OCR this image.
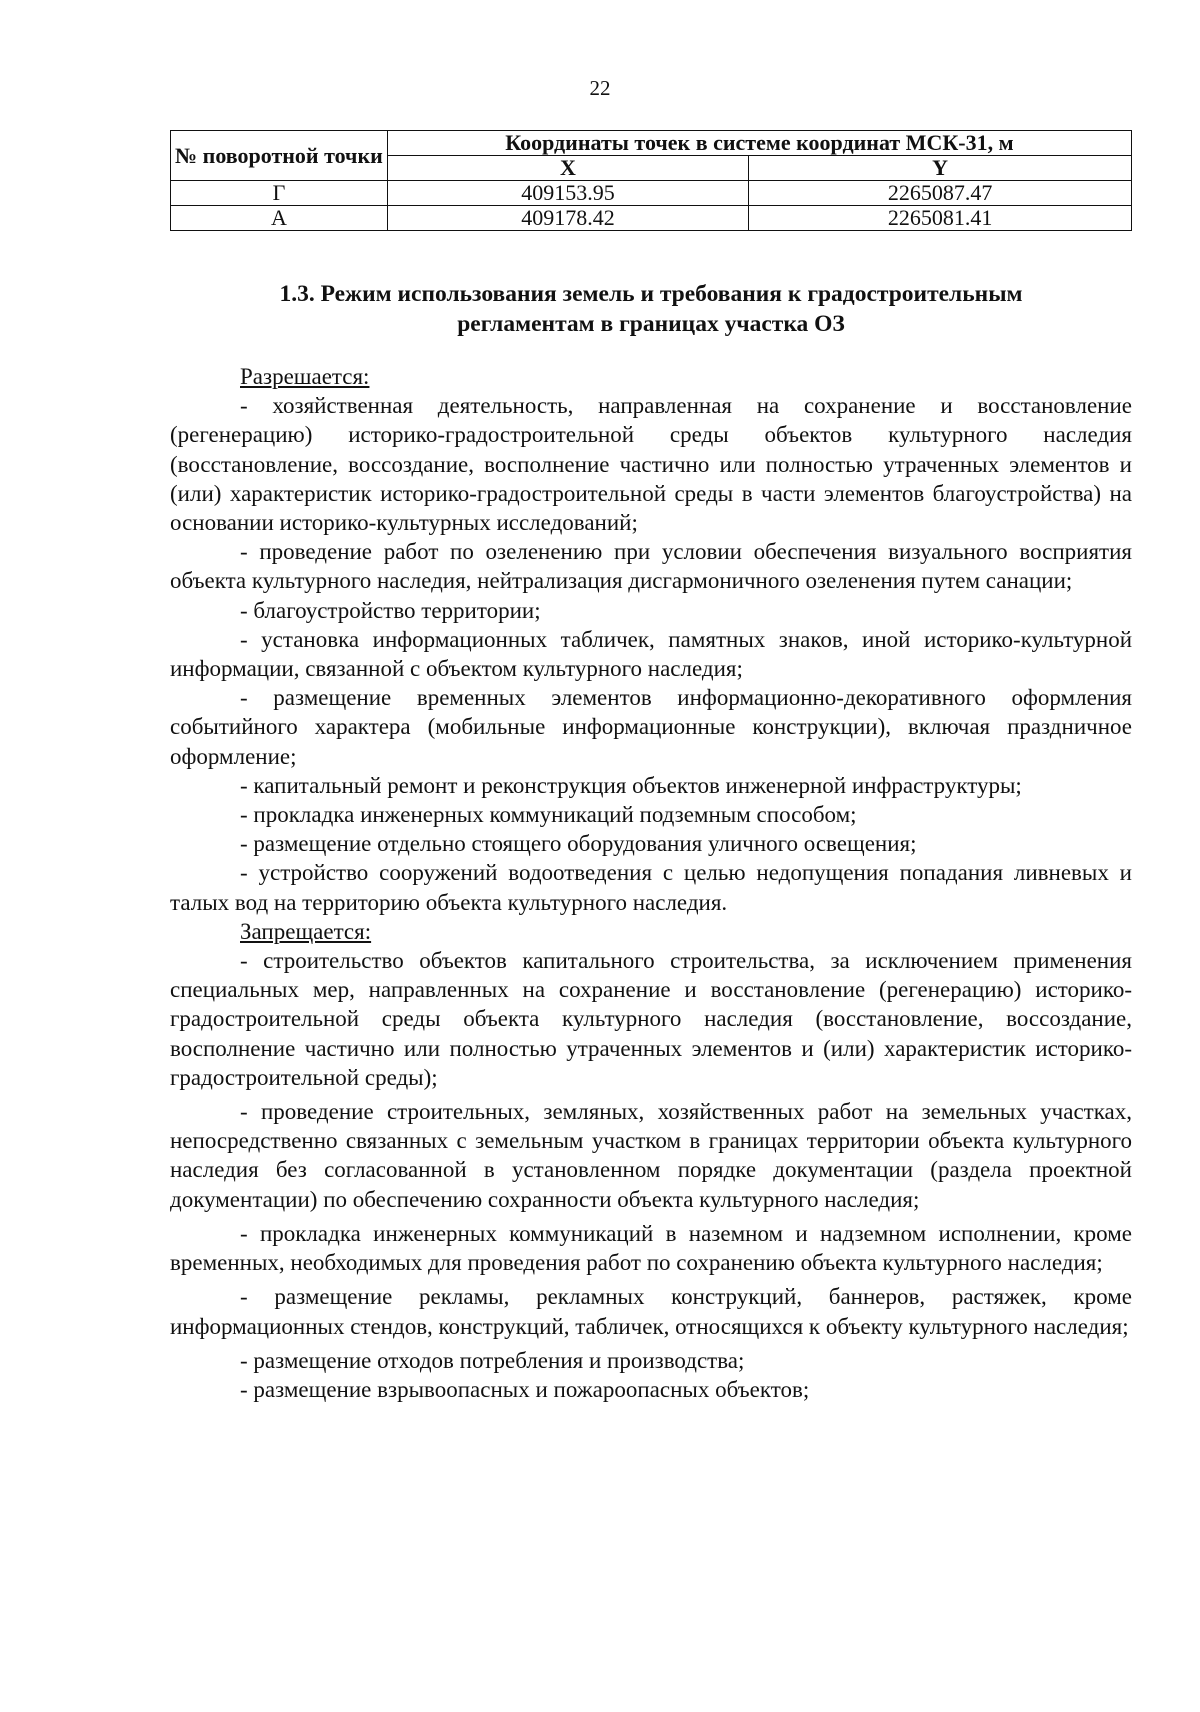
22
№ поворотной точки	Координаты точек в системе координат МСК-31, м	
	X	Y
Г	409153.95	2265087.47
А	409178.42	2265081.41
1.3. Режим использования земель и требования к градостроительным
регламентам в границах участка ОЗ

Разрешается:

- хозяйственная деятельность, направленная на сохранение и восстановление (регенерацию) историко-градостроительной среды объектов культурного наследия (восстановление, воссоздание, восполнение частично или полностью утраченных элементов и (или) характеристик историко-градостроительной среды в части элементов благоустройства) на основании историко-культурных исследований;

- проведение работ по озеленению при условии обеспечения визуального восприятия объекта культурного наследия, нейтрализация дисгармоничного озеленения путем санации;

- благоустройство территории;

- установка информационных табличек, памятных знаков, иной историко-культурной информации, связанной с объектом культурного наследия;

- размещение временных элементов информационно-декоративного оформления событийного характера (мобильные информационные конструкции), включая праздничное оформление;

- капитальный ремонт и реконструкция объектов инженерной инфраструктуры;

- прокладка инженерных коммуникаций подземным способом;

- размещение отдельно стоящего оборудования уличного освещения;

- устройство сооружений водоотведения с целью недопущения попадания ливневых и талых вод на территорию объекта культурного наследия.

Запрещается:

- строительство объектов капитального строительства, за исключением применения специальных мер, направленных на сохранение и восстановление (регенерацию) историко-градостроительной среды объекта культурного наследия (восстановление, воссоздание, восполнение частично или полностью утраченных элементов и (или) характеристик историко-градостроительной среды);

- проведение строительных, земляных, хозяйственных работ на земельных участках, непосредственно связанных с земельным участком в границах территории объекта культурного наследия без согласованной в установленном порядке документации (раздела проектной документации) по обеспечению сохранности объекта культурного наследия;

- прокладка инженерных коммуникаций в наземном и надземном исполнении, кроме временных, необходимых для проведения работ по сохранению объекта культурного наследия;

- размещение рекламы, рекламных конструкций, баннеров, растяжек, кроме информационных стендов, конструкций, табличек, относящихся к объекту культурного наследия;

- размещение отходов потребления и производства;

- размещение взрывоопасных и пожароопасных объектов;
